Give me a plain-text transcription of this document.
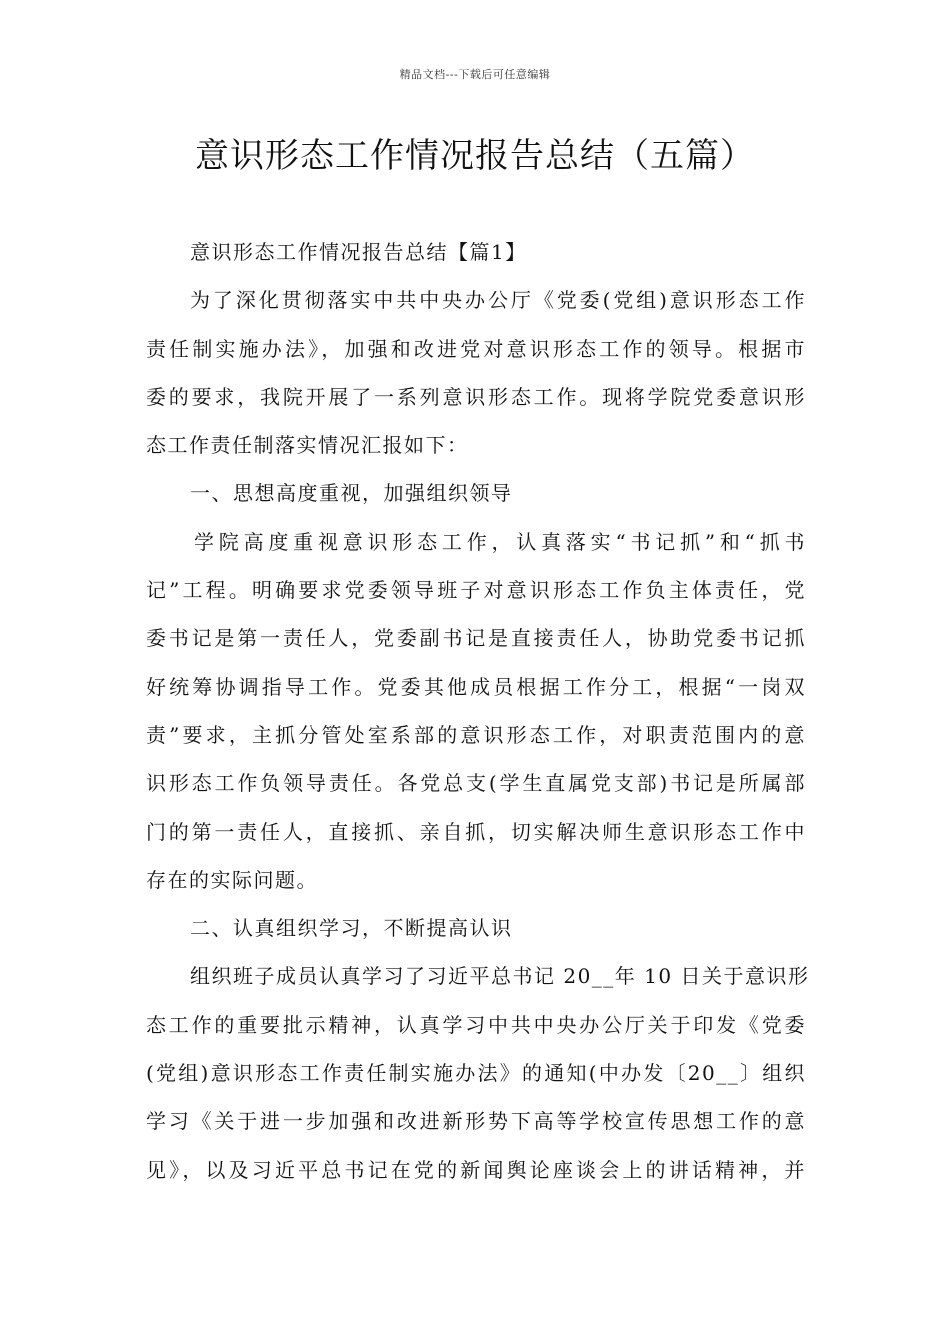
精品文档---下载后可任意编辑
意识形态工作情况报告总结（五篇）
意识形态工作情况报告总结【篇1】
为了深化贯彻落实中共中央办公厅《党委(党组)意识形态工作
责任制实施办法》，加强和改进党对意识形态工作的领导。根据市
委的要求，我院开展了一系列意识形态工作。现将学院党委意识形
态工作责任制落实情况汇报如下：
一、思想高度重视，加强组织领导
学院高度重视意识形态工作，认真落实“书记抓”和“抓书
记”工程。明确要求党委领导班子对意识形态工作负主体责任，党
委书记是第一责任人，党委副书记是直接责任人，协助党委书记抓
好统筹协调指导工作。党委其他成员根据工作分工，根据“一岗双
责”要求，主抓分管处室系部的意识形态工作，对职责范围内的意
识形态工作负领导责任。各党总支(学生直属党支部)书记是所属部
门的第一责任人，直接抓、亲自抓，切实解决师生意识形态工作中
存在的实际问题。
二、认真组织学习，不断提高认识
组织班子成员认真学习了习近平总书记 20__年 10 日关于意识形
态工作的重要批示精神，认真学习中共中央办公厅关于印发《党委
(党组)意识形态工作责任制实施办法》的通知(中办发〔20__〕组织
学习《关于进一步加强和改进新形势下高等学校宣传思想工作的意
见》，以及习近平总书记在党的新闻舆论座谈会上的讲话精神，并
